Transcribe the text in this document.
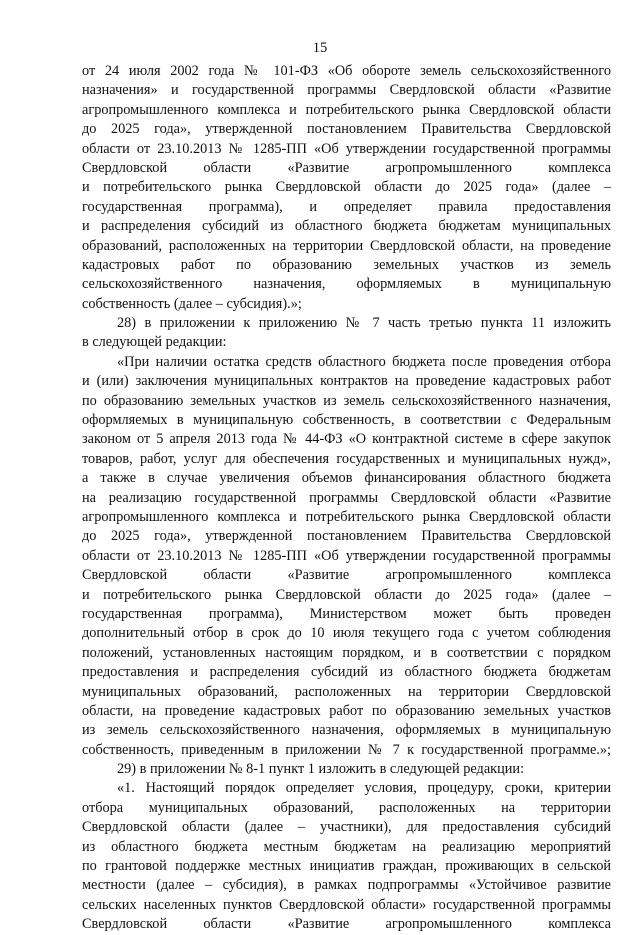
15
от 24 июля 2002 года № 101-ФЗ «Об обороте земель сельскохозяйственного
назначения» и государственной программы Свердловской области «Развитие
агропромышленного комплекса и потребительского рынка Свердловской области
до 2025 года», утвержденной постановлением Правительства Свердловской
области от 23.10.2013 № 1285-ПП «Об утверждении государственной программы
Свердловской области «Развитие агропромышленного комплекса
и потребительского рынка Свердловской области до 2025 года» (далее –
государственная программа), и определяет правила предоставления
и распределения субсидий из областного бюджета бюджетам муниципальных
образований, расположенных на территории Свердловской области, на проведение
кадастровых работ по образованию земельных участков из земель
сельскохозяйственного назначения, оформляемых в муниципальную
собственность (далее – субсидия).»;
28) в приложении к приложению № 7 часть третью пункта 11 изложить
в следующей редакции:
«При наличии остатка средств областного бюджета после проведения отбора
и (или) заключения муниципальных контрактов на проведение кадастровых работ
по образованию земельных участков из земель сельскохозяйственного назначения,
оформляемых в муниципальную собственность, в соответствии с Федеральным
законом от 5 апреля 2013 года № 44-ФЗ «О контрактной системе в сфере закупок
товаров, работ, услуг для обеспечения государственных и муниципальных нужд»,
а также в случае увеличения объемов финансирования областного бюджета
на реализацию государственной программы Свердловской области «Развитие
агропромышленного комплекса и потребительского рынка Свердловской области
до 2025 года», утвержденной постановлением Правительства Свердловской
области от 23.10.2013 № 1285-ПП «Об утверждении государственной программы
Свердловской области «Развитие агропромышленного комплекса
и потребительского рынка Свердловской области до 2025 года» (далее –
государственная программа), Министерством может быть проведен
дополнительный отбор в срок до 10 июля текущего года с учетом соблюдения
положений, установленных настоящим порядком, и в соответствии с порядком
предоставления и распределения субсидий из областного бюджета бюджетам
муниципальных образований, расположенных на территории Свердловской
области, на проведение кадастровых работ по образованию земельных участков
из земель сельскохозяйственного назначения, оформляемых в муниципальную
собственность, приведенным в приложении № 7 к государственной программе.»;
29) в приложении № 8-1 пункт 1 изложить в следующей редакции:
«1. Настоящий порядок определяет условия, процедуру, сроки, критерии
отбора муниципальных образований, расположенных на территории
Свердловской области (далее – участники), для предоставления субсидий
из областного бюджета местным бюджетам на реализацию мероприятий
по грантовой поддержке местных инициатив граждан, проживающих в сельской
местности (далее – субсидия), в рамках подпрограммы «Устойчивое развитие
сельских населенных пунктов Свердловской области» государственной программы
Свердловской области «Развитие агропромышленного комплекса
